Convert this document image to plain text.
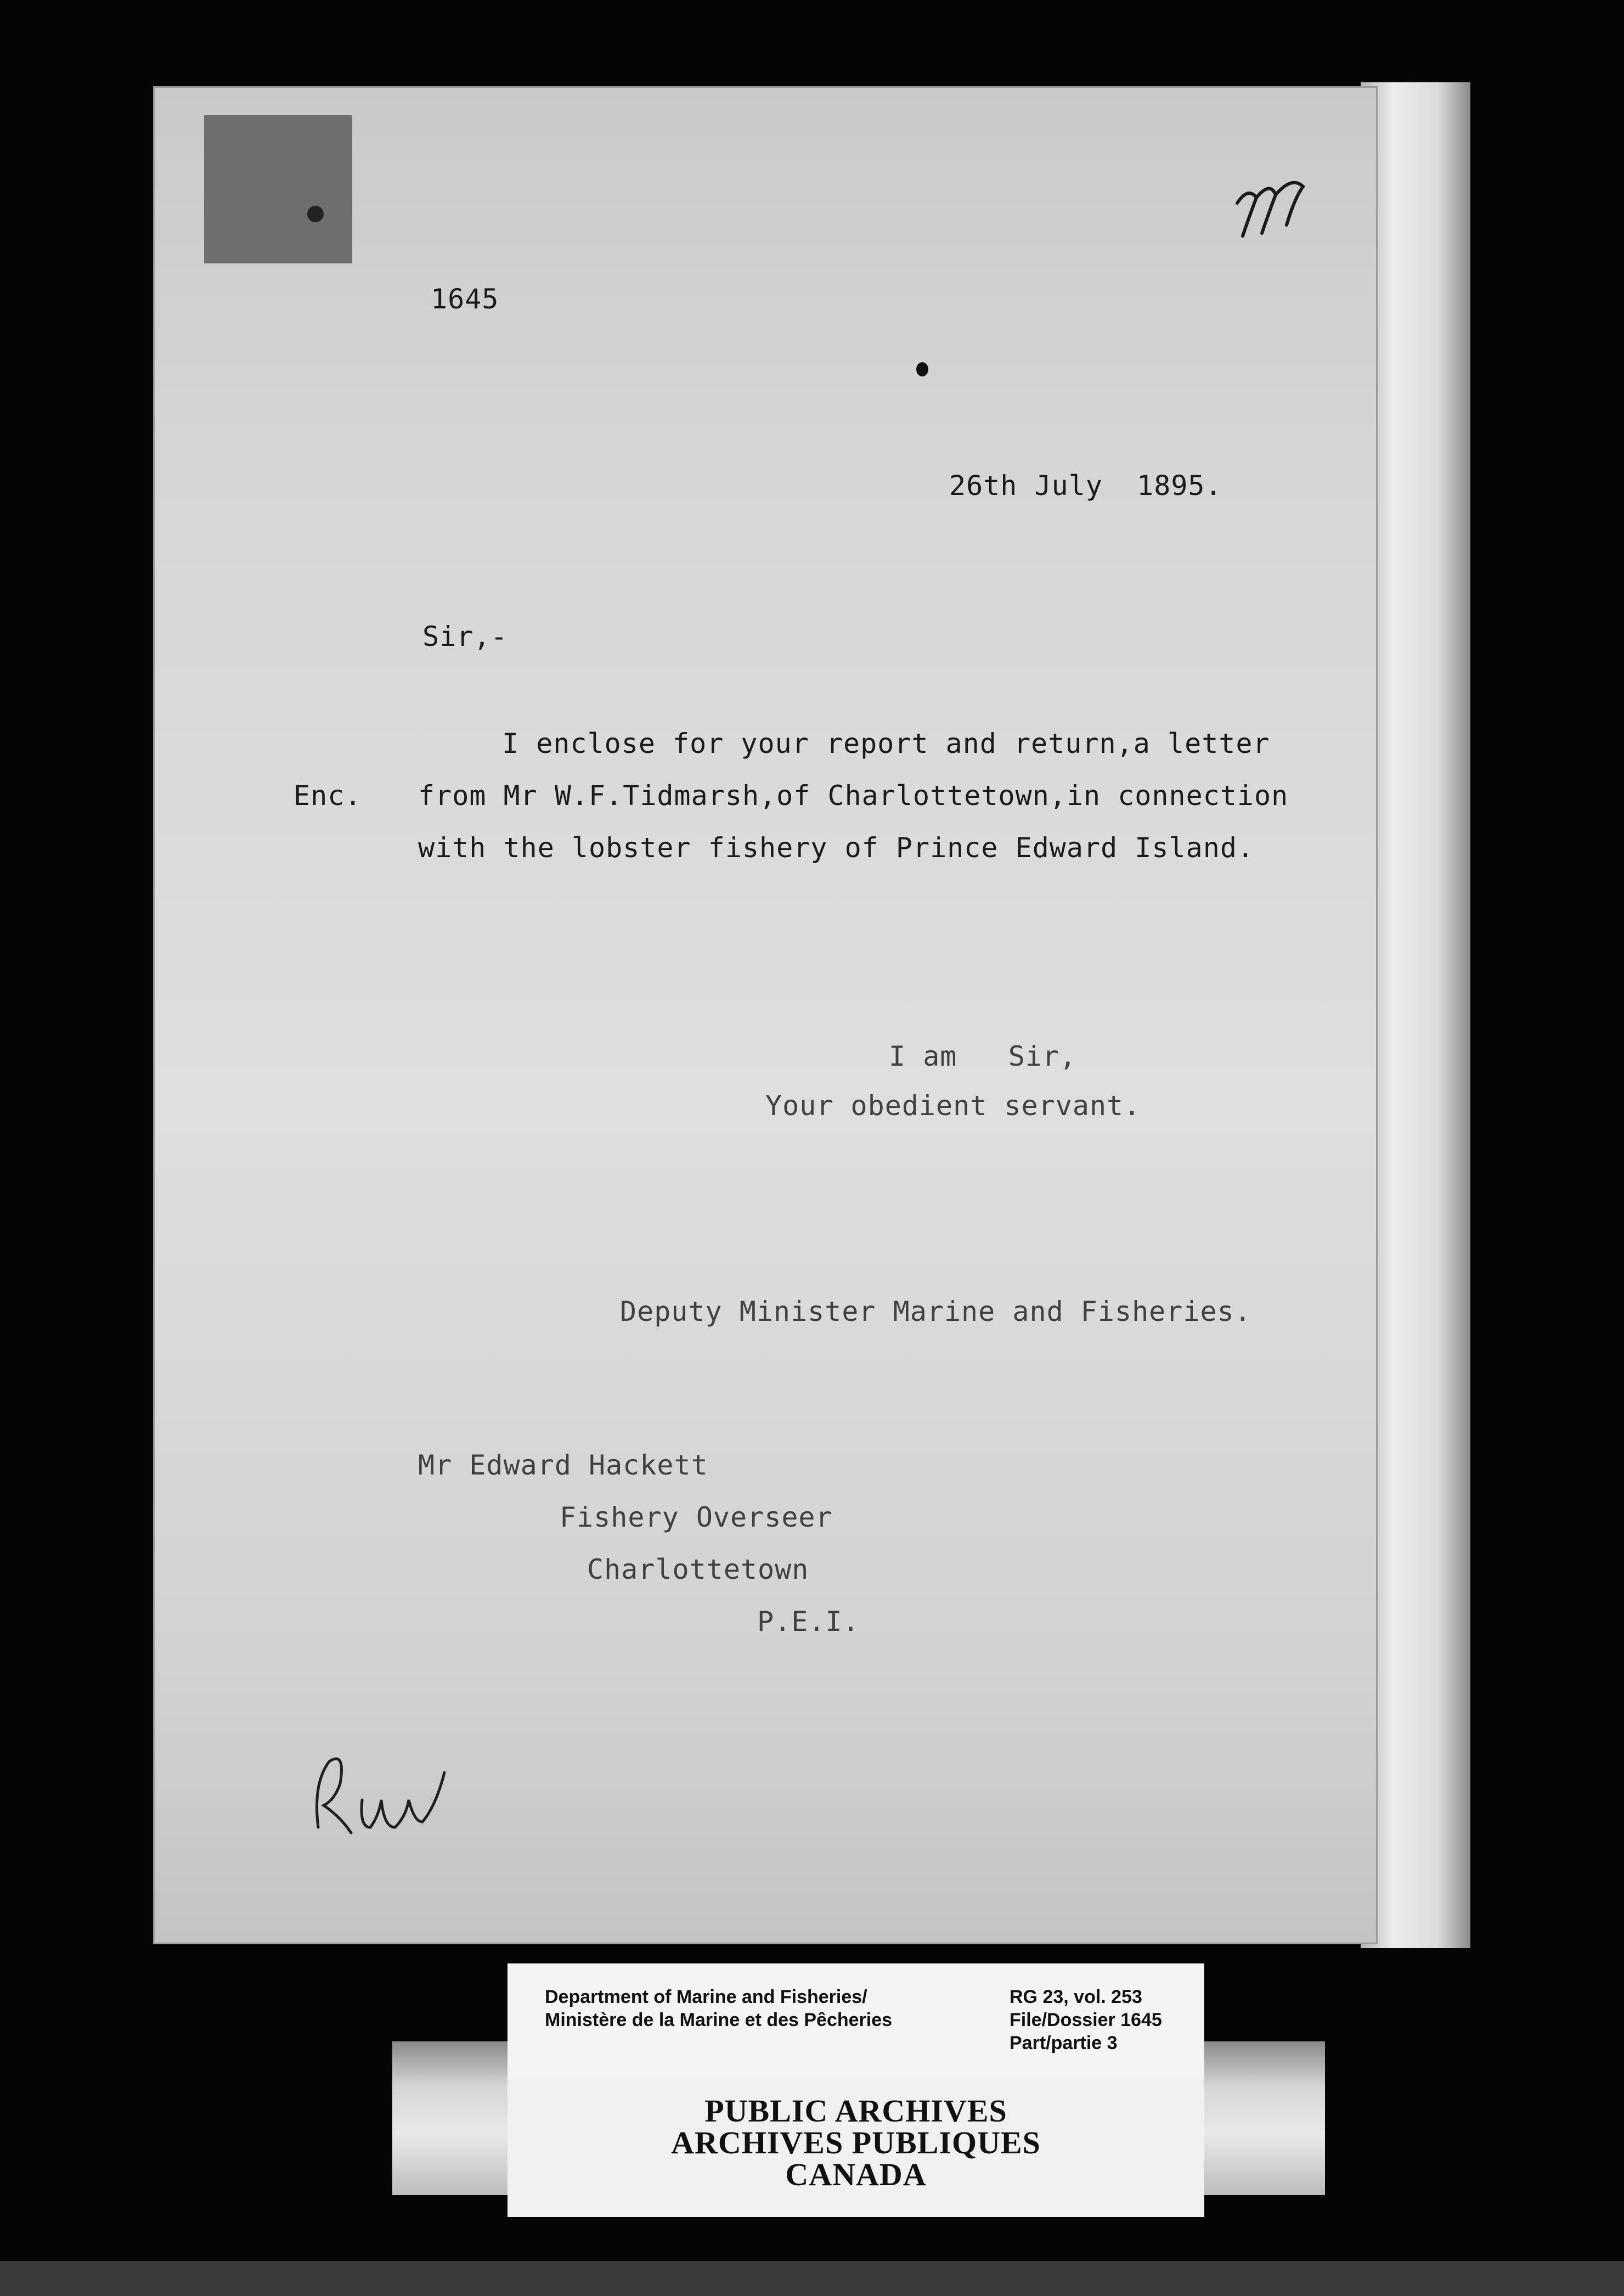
1645
26th July  1895.
Sir,-
I enclose for your report and return,a letter
Enc. from Mr W.F.Tidmarsh,of Charlottetown,in connection
with the lobster fishery of Prince Edward Island.
I am   Sir,
Your obedient servant.
Deputy Minister Marine and Fisheries.
Mr Edward Hackett
Fishery Overseer
Charlottetown
P.E.I.
Department of Marine and Fisheries/
Ministère de la Marine et des Pêcheries
RG 23, vol. 253
File/Dossier 1645
Part/partie 3
PUBLIC ARCHIVES
ARCHIVES PUBLIQUES
CANADA
